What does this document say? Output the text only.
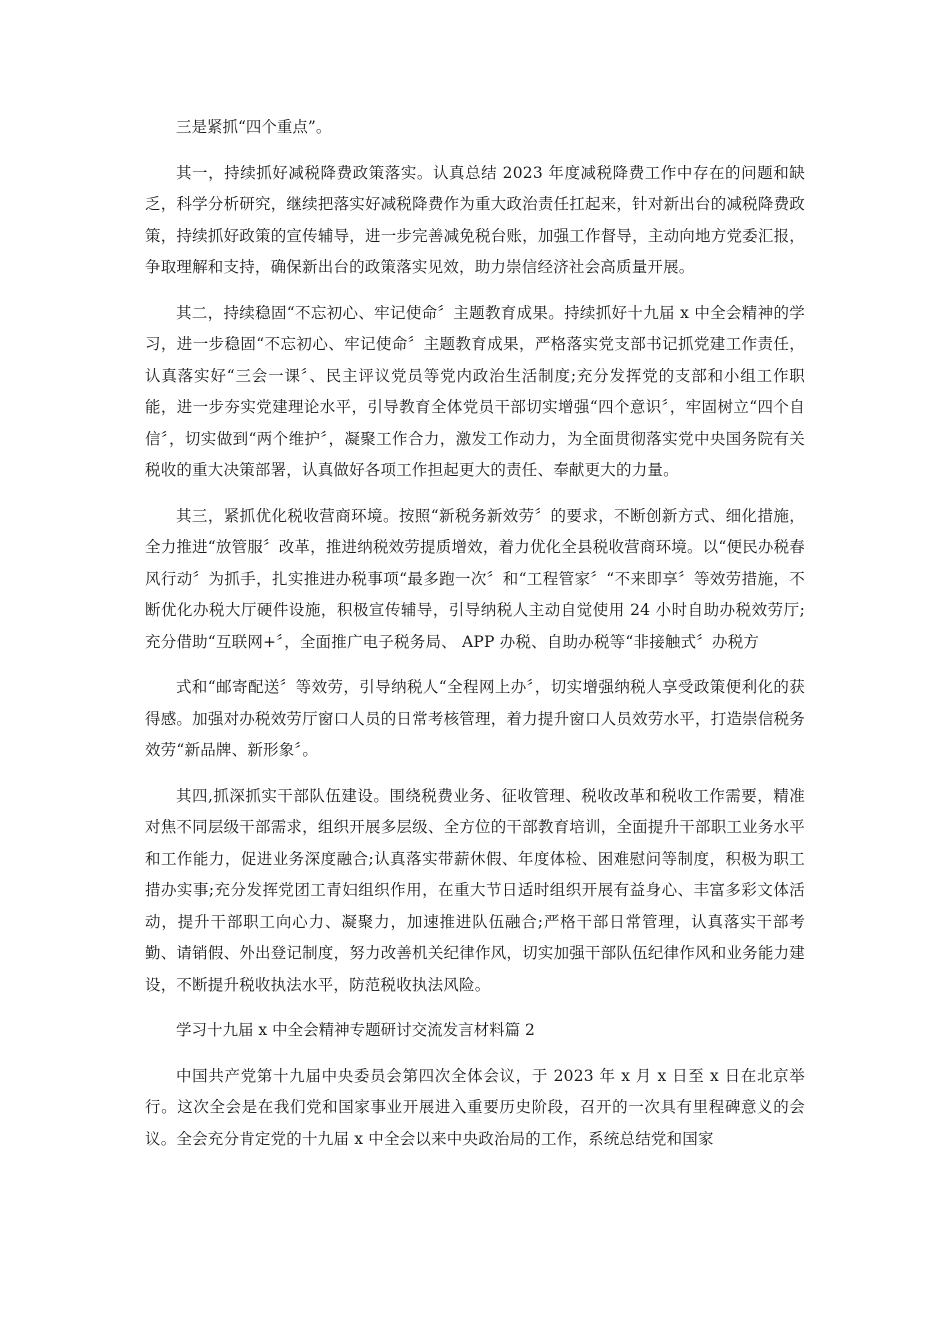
三是紧抓“四个重点”。

其一，持续抓好减税降费政策落实。认真总结 2023 年度减税降费工作中存在的问题和缺乏，科学分析研究，继续把落实好减税降费作为重大政治责任扛起来，针对新出台的减税降费政策，持续抓好政策的宣传辅导，进一步完善减免税台账，加强工作督导，主动向地方党委汇报，争取理解和支持，确保新出台的政策落实见效，助力崇信经济社会高质量开展。

其二，持续稳固“不忘初心、牢记使命〞主题教育成果。持续抓好十九届 x 中全会精神的学习，进一步稳固“不忘初心、牢记使命〞主题教育成果，严格落实党支部书记抓党建工作责任，认真落实好“三会一课〞、民主评议党员等党内政治生活制度;充分发挥党的支部和小组工作职能，进一步夯实党建理论水平，引导教育全体党员干部切实增强“四个意识〞，牢固树立“四个自信〞，切实做到“两个维护〞，凝聚工作合力，激发工作动力，为全面贯彻落实党中央国务院有关税收的重大决策部署，认真做好各项工作担起更大的责任、奉献更大的力量。

其三，紧抓优化税收营商环境。按照“新税务新效劳〞的要求，不断创新方式、细化措施，全力推进“放管服〞改革，推进纳税效劳提质增效，着力优化全县税收营商环境。以“便民办税春风行动〞为抓手，扎实推进办税事项“最多跑一次〞和“工程管家〞“不来即享〞等效劳措施，不断优化办税大厅硬件设施，积极宣传辅导，引导纳税人主动自觉使用 24 小时自助办税效劳厅;充分借助“互联网+〞，全面推广电子税务局、 APP 办税、自助办税等“非接触式〞办税方

式和“邮寄配送〞等效劳，引导纳税人“全程网上办〞，切实增强纳税人享受政策便利化的获得感。加强对办税效劳厅窗口人员的日常考核管理，着力提升窗口人员效劳水平，打造崇信税务效劳“新品牌、新形象〞。

其四,抓深抓实干部队伍建设。围绕税费业务、征收管理、税收改革和税收工作需要，精准对焦不同层级干部需求，组织开展多层级、全方位的干部教育培训，全面提升干部职工业务水平和工作能力，促进业务深度融合;认真落实带薪休假、年度体检、困难慰问等制度，积极为职工措办实事;充分发挥党团工青妇组织作用，在重大节日适时组织开展有益身心、丰富多彩文体活动，提升干部职工向心力、凝聚力，加速推进队伍融合;严格干部日常管理，认真落实干部考勤、请销假、外出登记制度，努力改善机关纪律作风，切实加强干部队伍纪律作风和业务能力建设，不断提升税收执法水平，防范税收执法风险。

学习十九届 x 中全会精神专题研讨交流发言材料篇 2

中国共产党第十九届中央委员会第四次全体会议，于 2023 年 x 月 x 日至 x 日在北京举行。这次全会是在我们党和国家事业开展进入重要历史阶段，召开的一次具有里程碑意义的会议。全会充分肯定党的十九届 x 中全会以来中央政治局的工作，系统总结党和国家
